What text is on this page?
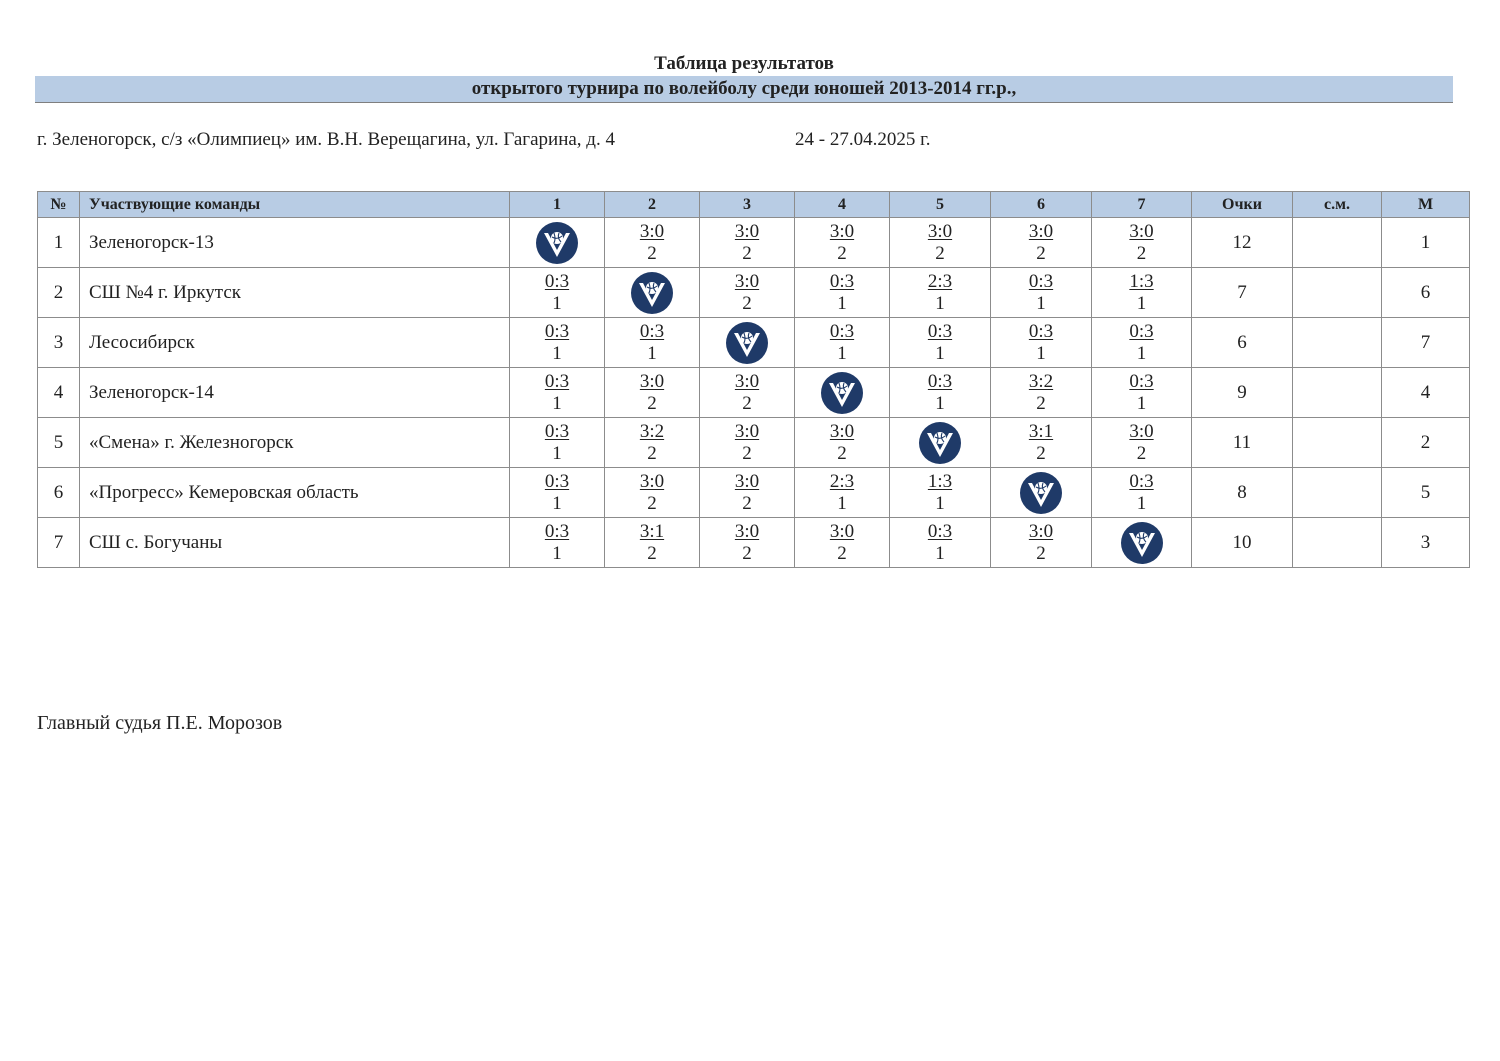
Таблица результатов
открытого турнира по волейболу среди юношей 2013-2014 гг.р.,
г. Зеленогорск, с/з «Олимпиец» им. В.Н. Верещагина, ул. Гагарина, д. 4	24 - 27.04.2025 г.
№	Участвующие команды	1	2	3	4	5	6	7	Очки	с.м.	М
1	Зеленогорск-13		$\frac{3:0}{2}$	$\frac{3:0}{2}$	$\frac{3:0}{2}$	$\frac{3:0}{2}$	$\frac{3:0}{2}$	$\frac{3:0}{2}$	12		1
2	СШ №4 г. Иркутск	$\frac{0:3}{1}$		$\frac{3:0}{2}$	$\frac{0:3}{1}$	$\frac{2:3}{1}$	$\frac{0:3}{1}$	$\frac{1:3}{1}$	7		6
3	Лесосибирск	$\frac{0:3}{1}$	$\frac{0:3}{1}$		$\frac{0:3}{1}$	$\frac{0:3}{1}$	$\frac{0:3}{1}$	$\frac{0:3}{1}$	6		7
4	Зеленогорск-14	$\frac{0:3}{1}$	$\frac{3:0}{2}$	$\frac{3:0}{2}$		$\frac{0:3}{1}$	$\frac{3:2}{2}$	$\frac{0:3}{1}$	9		4
5	«Смена» г. Железногорск	$\frac{0:3}{1}$	$\frac{3:2}{2}$	$\frac{3:0}{2}$	$\frac{3:0}{2}$		$\frac{3:1}{2}$	$\frac{3:0}{2}$	11		2
6	«Прогресс» Кемеровская область	$\frac{0:3}{1}$	$\frac{3:0}{2}$	$\frac{3:0}{2}$	$\frac{2:3}{1}$	$\frac{1:3}{1}$		$\frac{0:3}{1}$	8		5
7	СШ с. Богучаны	$\frac{0:3}{1}$	$\frac{3:1}{2}$	$\frac{3:0}{2}$	$\frac{3:0}{2}$	$\frac{0:3}{1}$	$\frac{3:0}{2}$		10		3
Главный судья П.Е. Морозов
